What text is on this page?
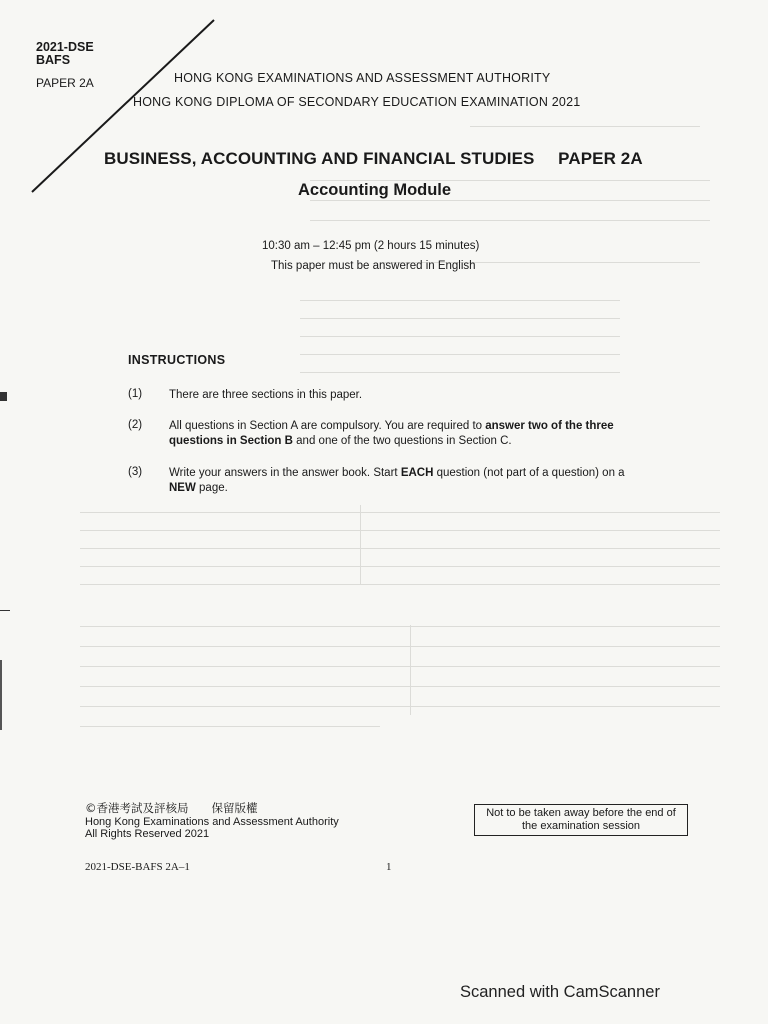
2021-DSE
BAFS
PAPER 2A	HONG KONG EXAMINATIONS AND ASSESSMENT AUTHORITY
HONG KONG DIPLOMA OF SECONDARY EDUCATION EXAMINATION 2021
BUSINESS, ACCOUNTING AND FINANCIAL STUDIES PAPER 2A
Accounting Module
10:30 am – 12:45 pm (2 hours 15 minutes)
This paper must be answered in English
INSTRUCTIONS
(1) There are three sections in this paper.
(2) All questions in Section A are compulsory. You are required to answer two of the three questions in Section B and one of the two questions in Section C.
(3) Write your answers in the answer book. Start EACH question (not part of a question) on a NEW page.
©香港考試及評核局　　保留版權
Hong Kong Examinations and Assessment Authority
All Rights Reserved 2021
Not to be taken away before the end of the examination session
2021-DSE-BAFS 2A–1	1
Scanned with CamScanner
